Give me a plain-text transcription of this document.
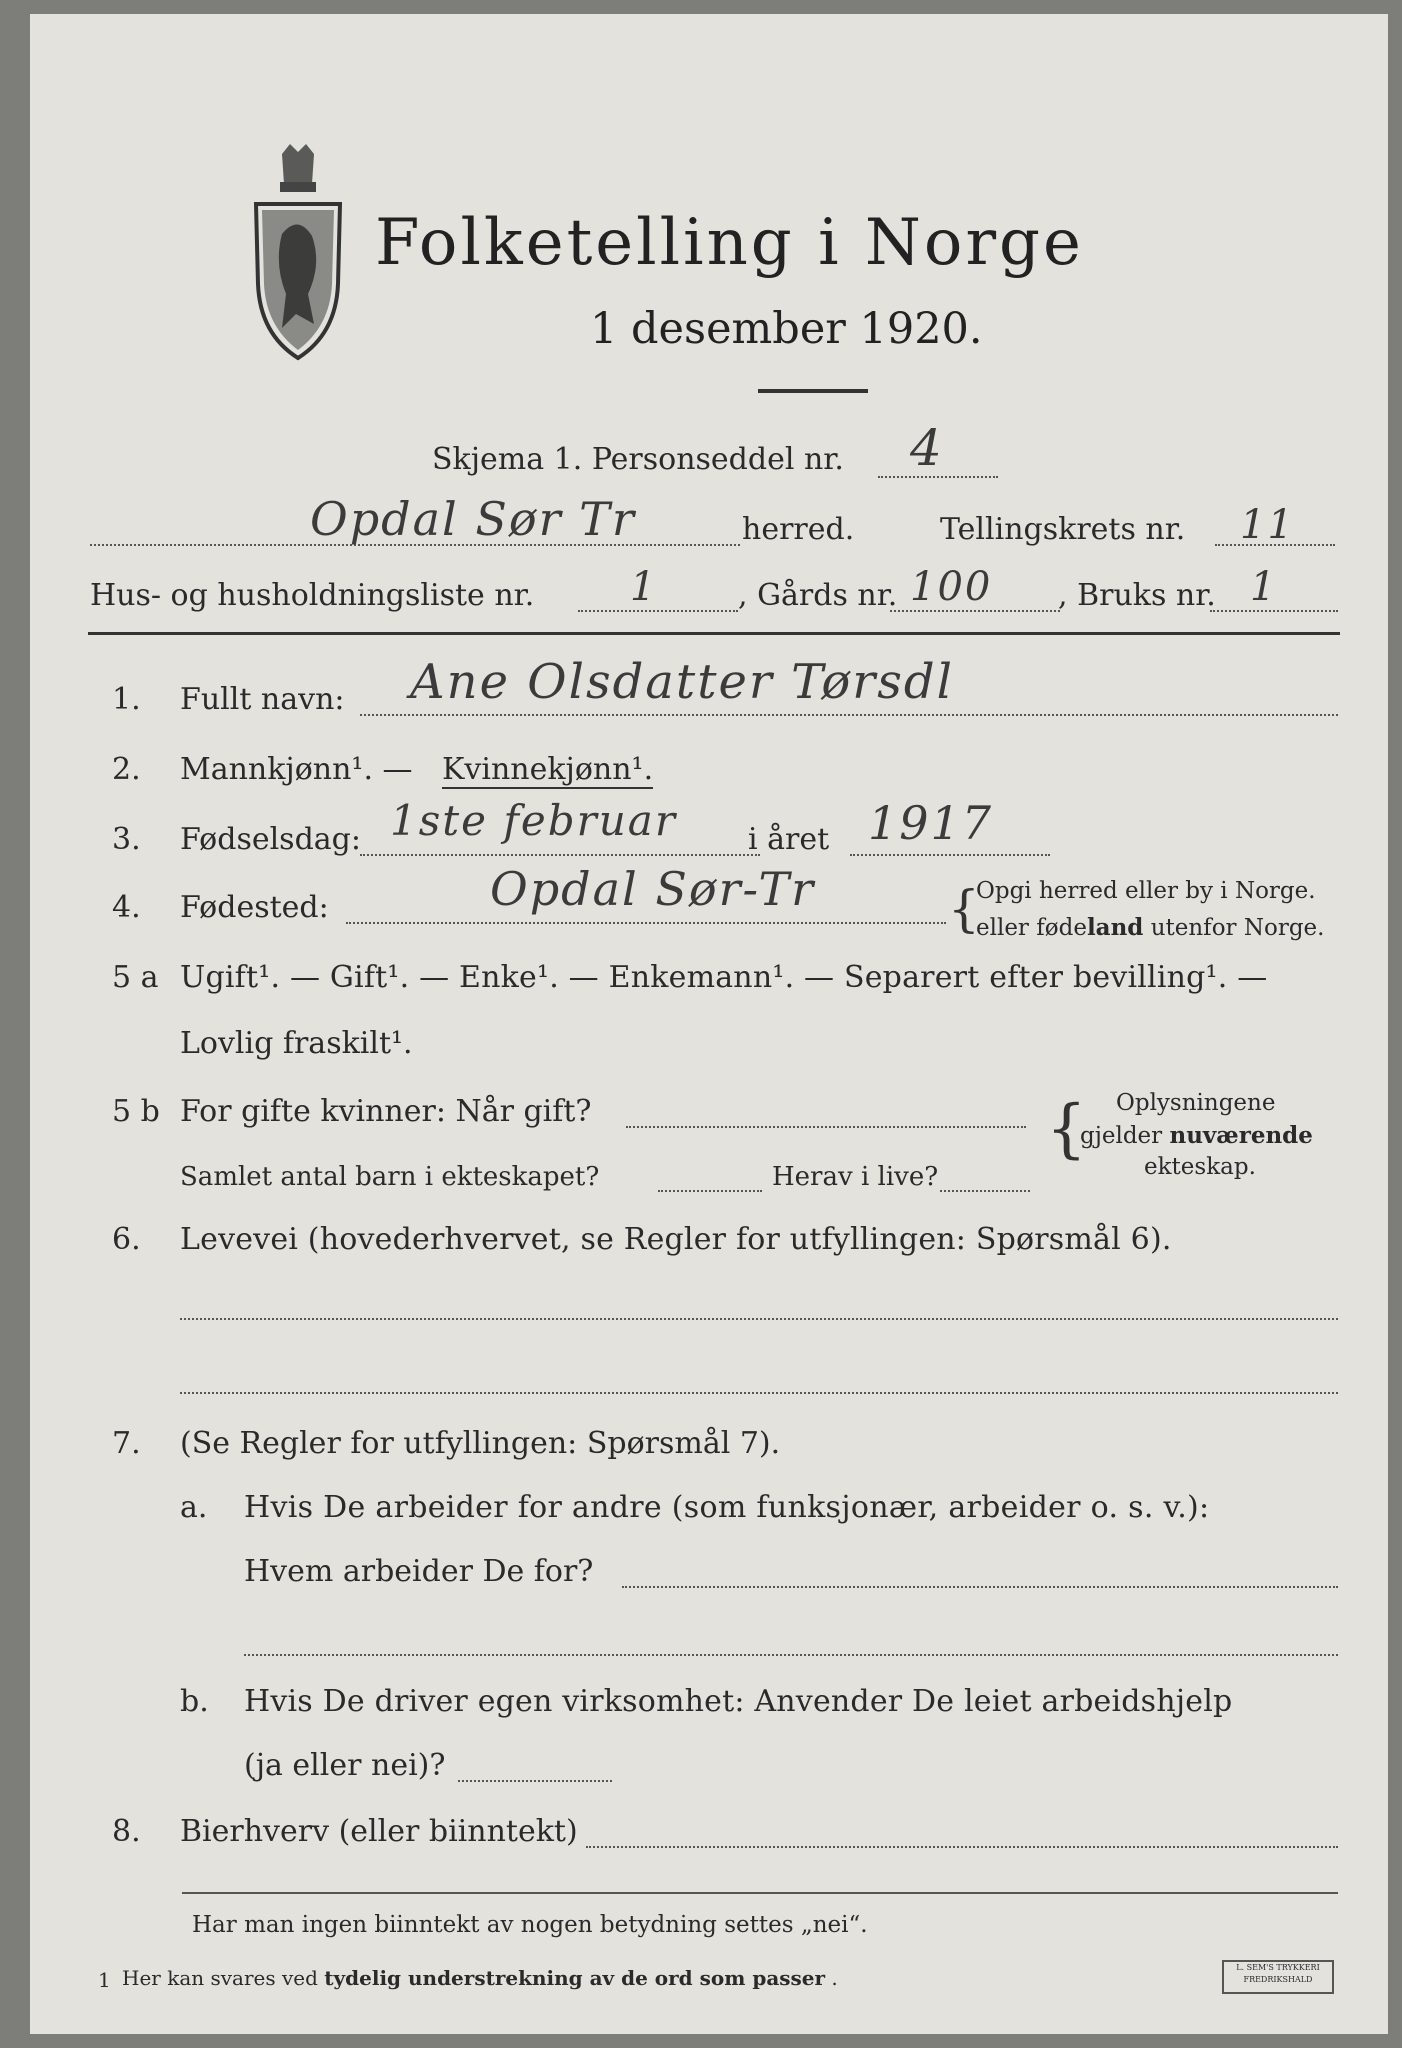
Folketelling i Norge
1 desember 1920.
Skjema 1. Personseddel nr. 4
Opdal Sør Tr	herred.	Tellingskrets nr. 11
Hus- og husholdningsliste nr. 1	, Gårds nr. 100 , Bruks nr. 1
1. Fullt navn: Ane Olsdatter Tørsdl
2. Mannkjønn¹. — Kvinnekjønn¹.
3. Fødselsdag: 1ste februar i året 1917
4. Fødested:	Opdal Sør-Tr	{
Opgi herred eller by i Norge.
eller fødeland utenfor Norge.
5 a Ugift¹. — Gift¹. — Enke¹. — Enkemann¹. — Separert efter bevilling¹. —
Lovlig fraskilt¹.
5 b For gifte kvinner: Når gift?
Samlet antal barn i ekteskapet?	Herav i live?
{ Oplysningene
gjelder nuværende
ekteskap.
6. Levevei (hovederhvervet, se Regler for utfyllingen: Spørsmål 6).
7. (Se Regler for utfyllingen: Spørsmål 7).
a. Hvis De arbeider for andre (som funksjonær, arbeider o. s. v.):
Hvem arbeider De for?
b. Hvis De driver egen virksomhet: Anvender De leiet arbeidshjelp
(ja eller nei)?
8. Bierhverv (eller biinntekt)
Har man ingen biinntekt av nogen betydning settes „nei“.
1 Her kan svares ved tydelig understrekning av de ord som passer .	L. SEM'S TRYKKERI
FREDRIKSHALD
